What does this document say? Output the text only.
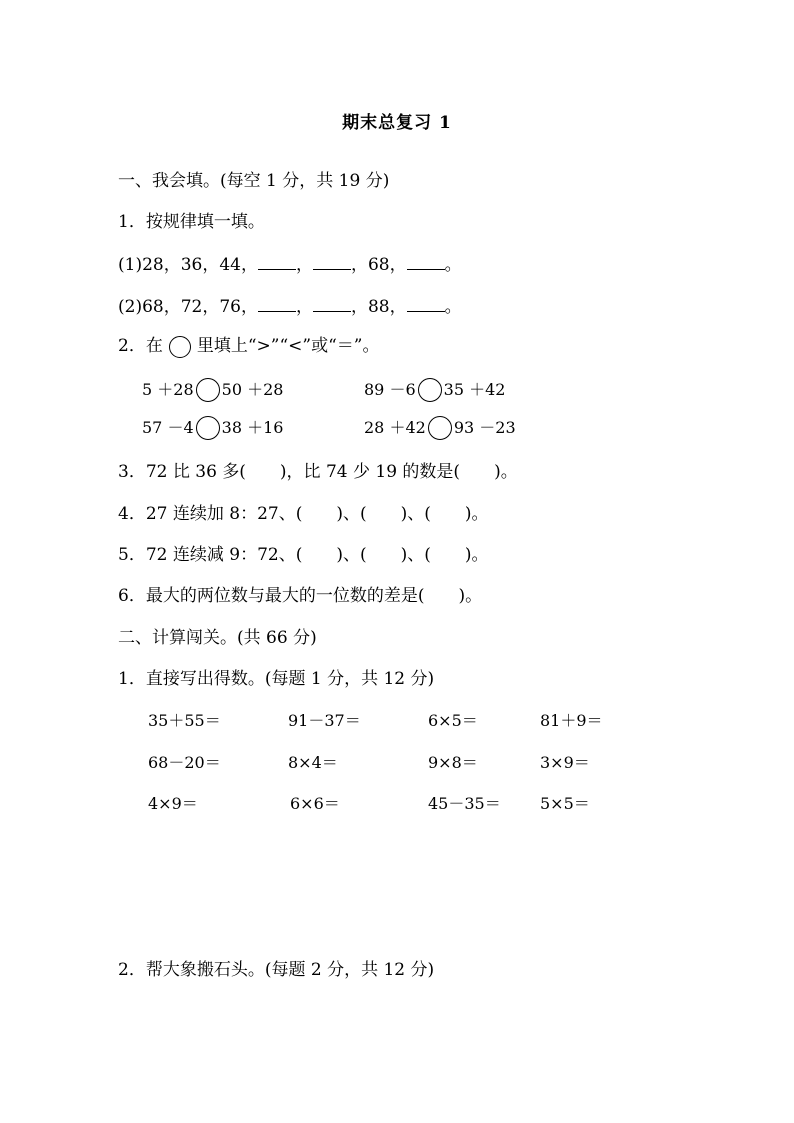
期末总复习 1
一、我会填。(每空 1 分，共 19 分)
1．按规律填一填。
(1)28，36，44， ， ，68， 。
(2)68，72，76， ， ，88， 。
2．在 里填上“>”“<”或“＝”。
5 ＋28 50 ＋28	89 －6 35 ＋42
57 －4 38 ＋16	28 ＋42 93 －23
3．72 比 36 多(　　)，比 74 少 19 的数是(　　)。
4．27 连续加 8：27、(　　)、(　　)、(　　)。
5．72 连续减 9：72、(　　)、(　　)、(　　)。
6．最大的两位数与最大的一位数的差是(　　)。
二、计算闯关。(共 66 分)
1．直接写出得数。(每题 1 分，共 12 分)
35＋55＝	91－37＝	6×5＝	81＋9＝
68－20＝	8×4＝	9×8＝	3×9＝
4×9＝	6×6＝	45－35＝ 5×5＝
2．帮大象搬石头。(每题 2 分，共 12 分)
